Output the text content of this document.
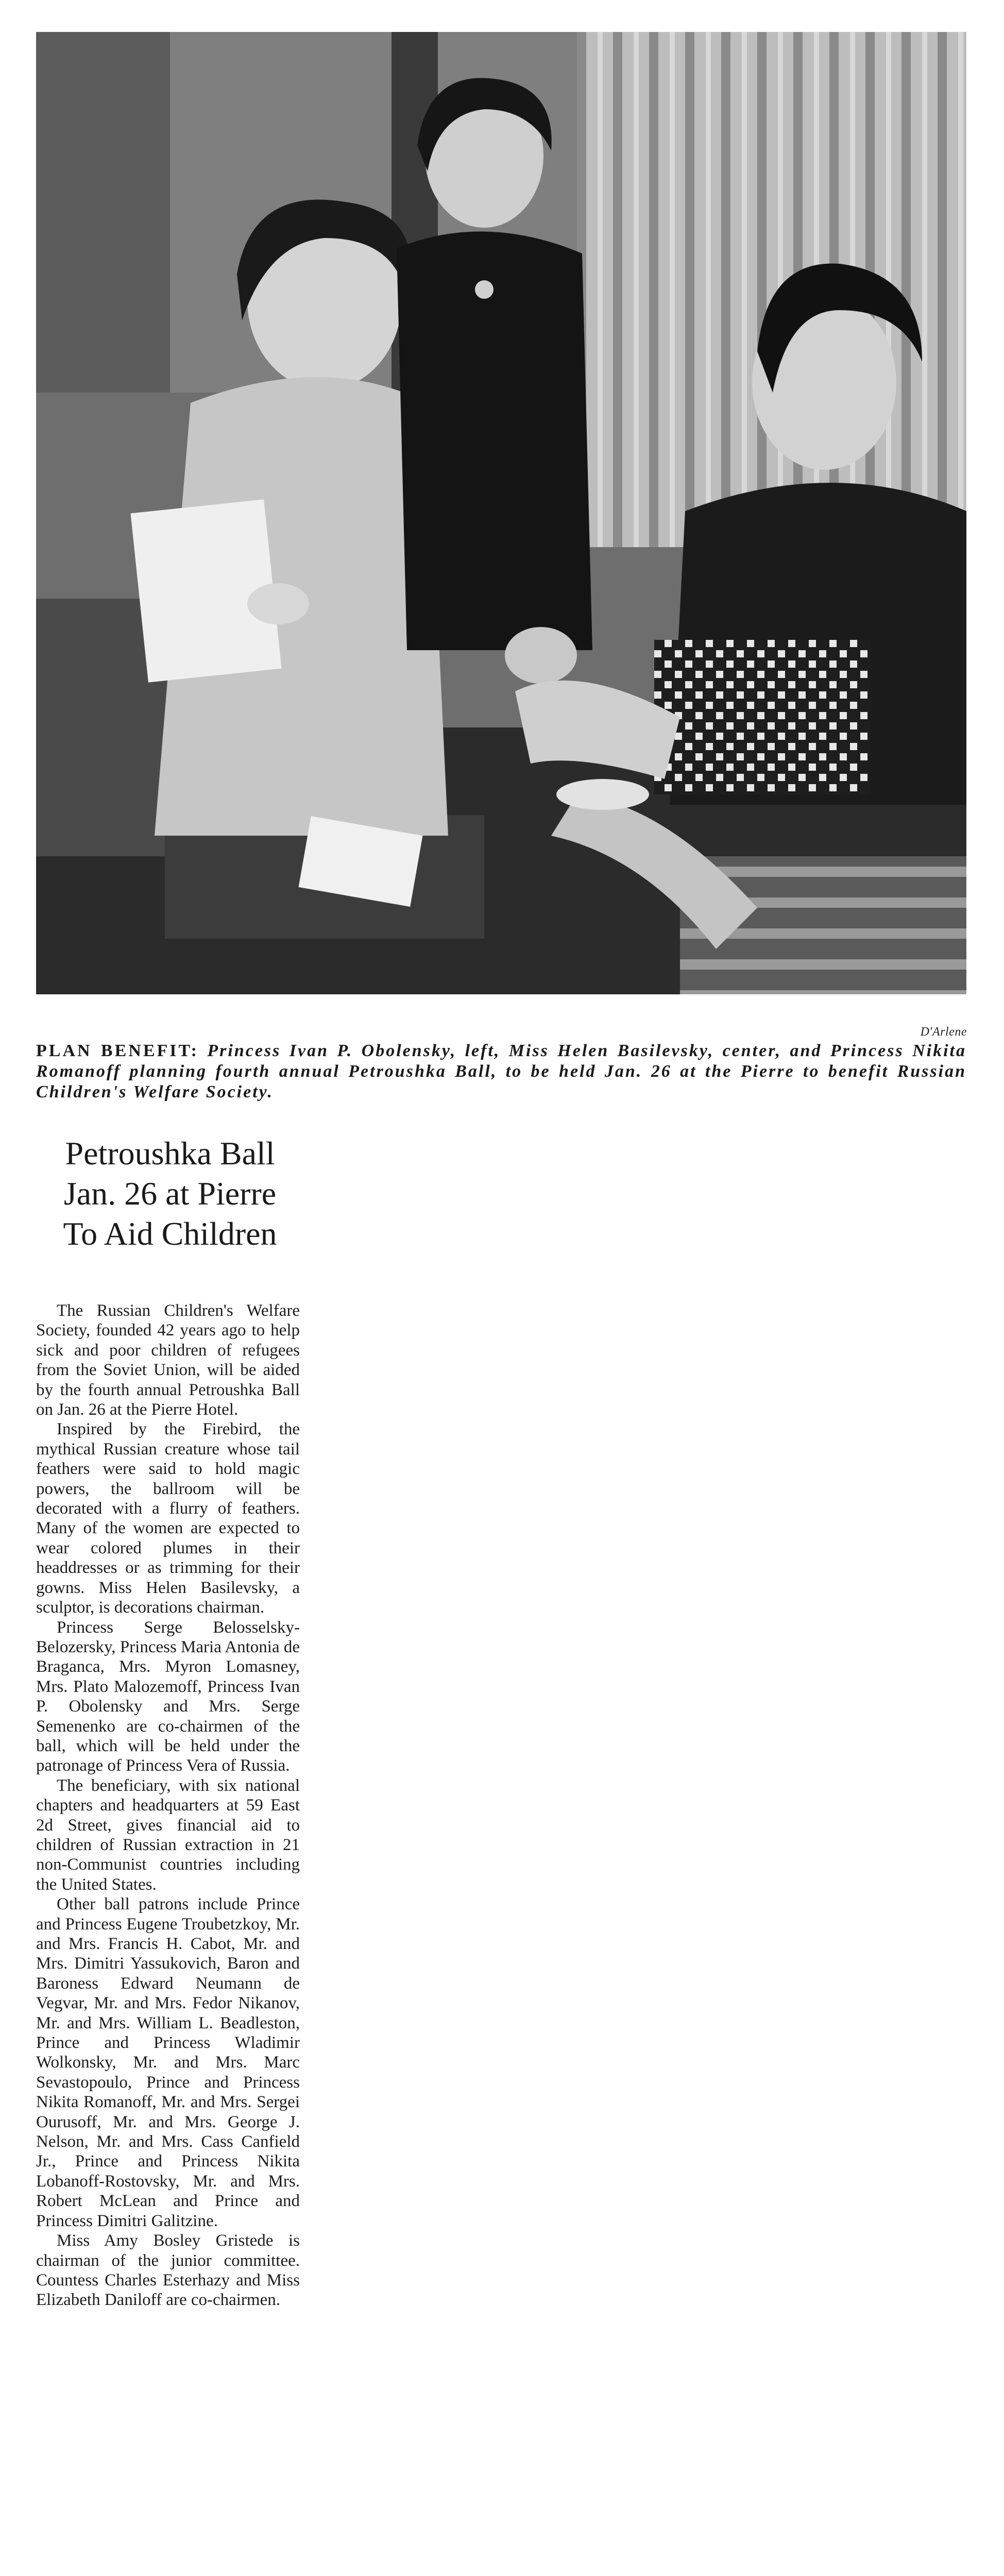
D'Arlene
PLAN BENEFIT: Princess Ivan P. Obolensky, left, Miss Helen Basilevsky, center, and Princess Nikita Romanoff planning fourth annual Petroushka Ball, to be held Jan. 26 at the Pierre to benefit Russian Children's Welfare Society.
Petroushka Ball
Jan. 26 at Pierre
To Aid Children

The Russian Children's Welfare Society, founded 42 years ago to help sick and poor children of refugees from the Soviet Union, will be aided by the fourth annual Petroushka Ball on Jan. 26 at the Pierre Hotel.

Inspired by the Firebird, the mythical Russian creature whose tail feathers were said to hold magic powers, the ballroom will be decorated with a flurry of feathers. Many of the women are expected to wear colored plumes in their headdresses or as trimming for their gowns. Miss Helen Basilevsky, a sculptor, is decorations chairman.

Princess Serge Belosselsky-Belozersky, Princess Maria Antonia de Braganca, Mrs. Myron Lomasney, Mrs. Plato Malozemoff, Princess Ivan P. Obolensky and Mrs. Serge Semenenko are co-chairmen of the ball, which will be held under the patronage of Princess Vera of Russia.

The beneficiary, with six national chapters and headquarters at 59 East 2d Street, gives financial aid to children of Russian extraction in 21 non-Communist countries including the United States.

Other ball patrons include Prince and Princess Eugene Troubetzkoy, Mr. and Mrs. Francis H. Cabot, Mr. and Mrs. Dimitri Yassukovich, Baron and Baroness Edward Neumann de Vegvar, Mr. and Mrs. Fedor Nikanov, Mr. and Mrs. William L. Beadleston, Prince and Princess Wladimir Wolkonsky, Mr. and Mrs. Marc Sevastopoulo, Prince and Princess Nikita Romanoff, Mr. and Mrs. Sergei Ourusoff, Mr. and Mrs. George J. Nelson, Mr. and Mrs. Cass Canfield Jr., Prince and Princess Nikita Lobanoff-Rostovsky, Mr. and Mrs. Robert McLean and Prince and Princess Dimitri Galitzine.

Miss Amy Bosley Gristede is chairman of the junior committee. Countess Charles Esterhazy and Miss Elizabeth Daniloff are co-chairmen.
